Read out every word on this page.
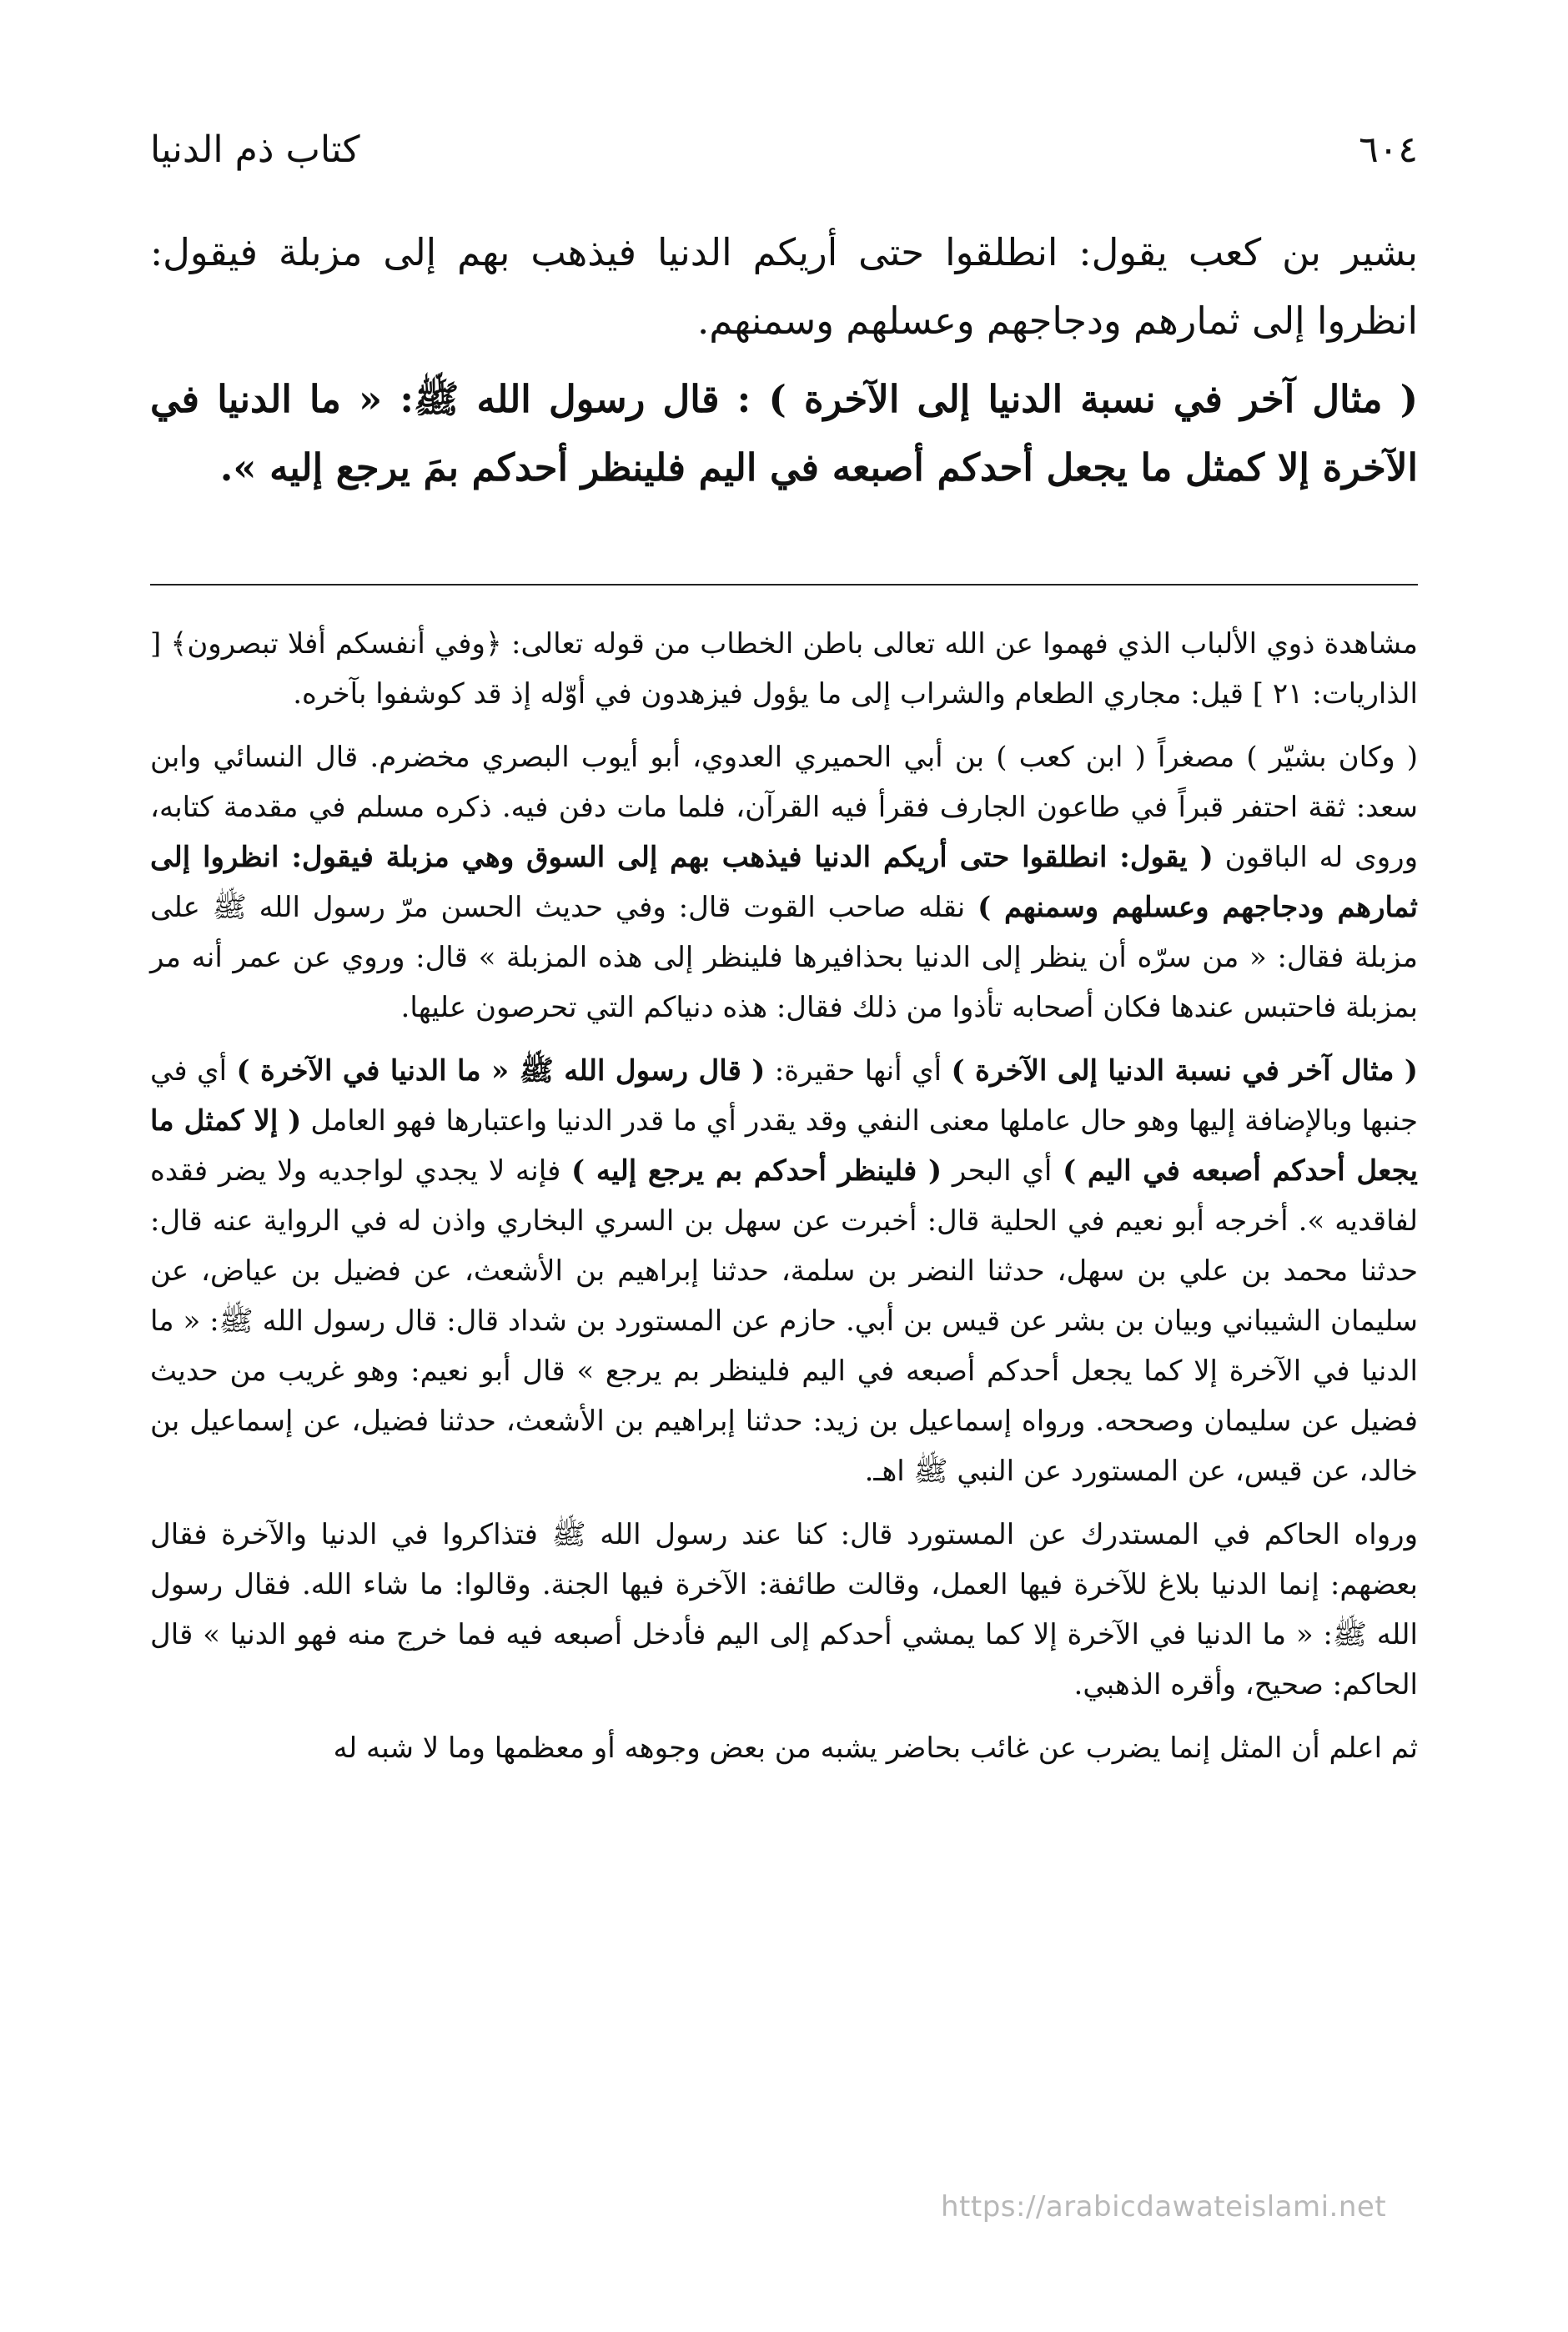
٦٠٤
كتاب ذم الدنيا

بشير بن كعب يقول: انطلقوا حتى أريكم الدنيا فيذهب بهم إلى مزبلة فيقول: انظروا إلى ثمارهم ودجاجهم وعسلهم وسمنهم.

( مثال آخر في نسبة الدنيا إلى الآخرة ) : قال رسول الله ﷺ: « ما الدنيا في الآخرة إلا كمثل ما يجعل أحدكم أصبعه في اليم فلينظر أحدكم بمَ يرجع إليه ».

مشاهدة ذوي الألباب الذي فهموا عن الله تعالى باطن الخطاب من قوله تعالى: ﴿وفي أنفسكم أفلا تبصرون﴾ [ الذاريات: ٢١ ] قيل: مجاري الطعام والشراب إلى ما يؤول فيزهدون في أوّله إذ قد كوشفوا بآخره.

( وكان بشيّر ) مصغراً ( ابن كعب ) بن أبي الحميري العدوي، أبو أيوب البصري مخضرم. قال النسائي وابن سعد: ثقة احتفر قبراً في طاعون الجارف فقرأ فيه القرآن، فلما مات دفن فيه. ذكره مسلم في مقدمة كتابه، وروى له الباقون ( يقول: انطلقوا حتى أريكم الدنيا فيذهب بهم إلى السوق وهي مزبلة فيقول: انظروا إلى ثمارهم ودجاجهم وعسلهم وسمنهم ) نقله صاحب القوت قال: وفي حديث الحسن مرّ رسول الله ﷺ على مزبلة فقال: « من سرّه أن ينظر إلى الدنيا بحذافيرها فلينظر إلى هذه المزبلة » قال: وروي عن عمر أنه مر بمزبلة فاحتبس عندها فكان أصحابه تأذوا من ذلك فقال: هذه دنياكم التي تحرصون عليها.

( مثال آخر في نسبة الدنيا إلى الآخرة ) أي أنها حقيرة: ( قال رسول الله ﷺ « ما الدنيا في الآخرة ) أي في جنبها وبالإضافة إليها وهو حال عاملها معنى النفي وقد يقدر أي ما قدر الدنيا واعتبارها فهو العامل ( إلا كمثل ما يجعل أحدكم أصبعه في اليم ) أي البحر ( فلينظر أحدكم بم يرجع إليه ) فإنه لا يجدي لواجديه ولا يضر فقده لفاقديه ». أخرجه أبو نعيم في الحلية قال: أخبرت عن سهل بن السري البخاري واذن له في الرواية عنه قال: حدثنا محمد بن علي بن سهل، حدثنا النضر بن سلمة، حدثنا إبراهيم بن الأشعث، عن فضيل بن عياض، عن سليمان الشيباني وبيان بن بشر عن قيس بن أبي. حازم عن المستورد بن شداد قال: قال رسول الله ﷺ: « ما الدنيا في الآخرة إلا كما يجعل أحدكم أصبعه في اليم فلينظر بم يرجع » قال أبو نعيم: وهو غريب من حديث فضيل عن سليمان وصححه. ورواه إسماعيل بن زيد: حدثنا إبراهيم بن الأشعث، حدثنا فضيل، عن إسماعيل بن خالد، عن قيس، عن المستورد عن النبي ﷺ اهـ.

ورواه الحاكم في المستدرك عن المستورد قال: كنا عند رسول الله ﷺ فتذاكروا في الدنيا والآخرة فقال بعضهم: إنما الدنيا بلاغ للآخرة فيها العمل، وقالت طائفة: الآخرة فيها الجنة. وقالوا: ما شاء الله. فقال رسول الله ﷺ: « ما الدنيا في الآخرة إلا كما يمشي أحدكم إلى اليم فأدخل أصبعه فيه فما خرج منه فهو الدنيا » قال الحاكم: صحيح، وأقره الذهبي.

ثم اعلم أن المثل إنما يضرب عن غائب بحاضر يشبه من بعض وجوهه أو معظمها وما لا شبه له

https://arabicdawateislami.net
